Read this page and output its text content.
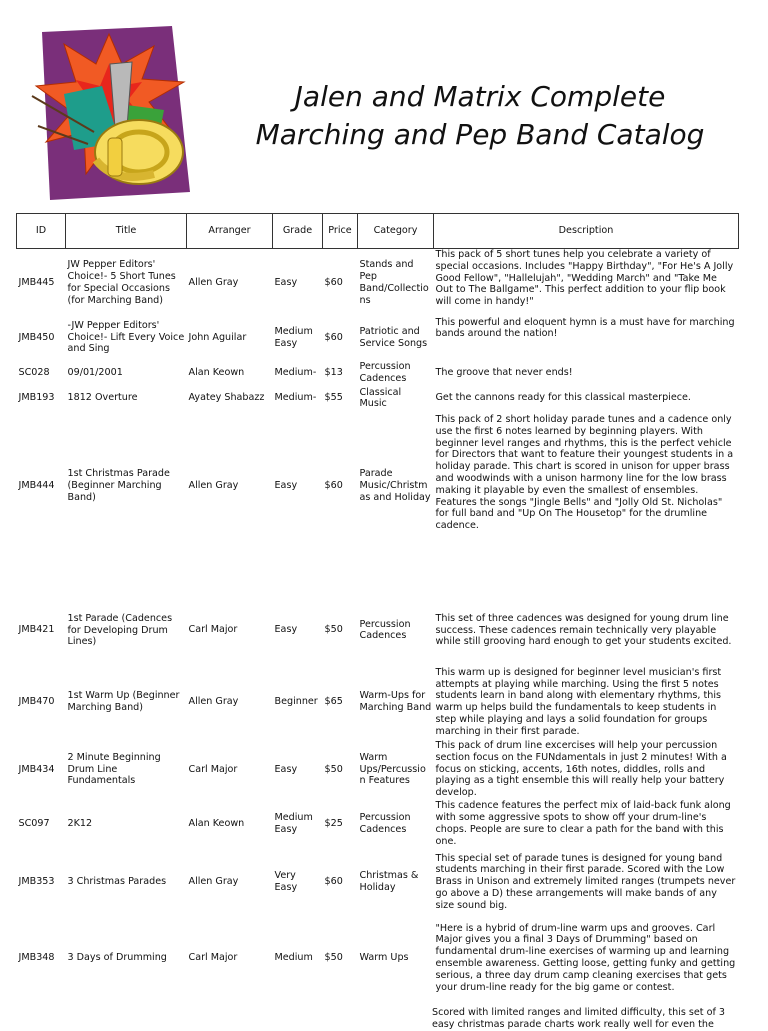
Jalen and Matrix Complete
Marching and Pep Band Catalog
ID	Title	Arranger	Grade	Price	Category	Description
JMB445	JW Pepper Editors' Choice!- 5 Short Tunes for Special Occasions (for Marching Band)	Allen Gray	Easy	$60	Stands and Pep Band/Collections	This pack of 5 short tunes help you celebrate a variety of special occasions. Includes "Happy Birthday", "For He's A Jolly Good Fellow", "Hallelujah", "Wedding March" and "Take Me Out to The Ballgame". This perfect addition to your flip book will come in handy!"
JMB450	-JW Pepper Editors' Choice!- Lift Every Voice and Sing	John Aguilar	Medium Easy	$60	Patriotic and Service Songs	This powerful and eloquent hymn is a must have for marching bands around the nation!
SC028	09/01/2001	Alan Keown	Medium-	$13	Percussion Cadences	The groove that never ends!
JMB193	1812 Overture	Ayatey Shabazz	Medium-	$55	Classical Music	Get the cannons ready for this classical masterpiece.
JMB444	1st Christmas Parade (Beginner Marching Band)	Allen Gray	Easy	$60	Parade Music/Christmas and Holiday	This pack of 2 short holiday parade tunes and a cadence only use the first 6 notes learned by beginning players. With beginner level ranges and rhythms, this is the perfect vehicle for Directors that want to feature their youngest students in a holiday parade. This chart is scored in unison for upper brass and woodwinds with a unison harmony line for the low brass making it playable by even the smallest of ensembles. Features the songs "Jingle Bells" and "Jolly Old St. Nicholas" for full band and "Up On The Housetop" for the drumline cadence.
JMB421	1st Parade (Cadences for Developing Drum Lines)	Carl Major	Easy	$50	Percussion Cadences	This set of three cadences was designed for young drum line success. These cadences remain technically very playable while still grooving hard enough to get your students excited.
JMB470	1st Warm Up (Beginner Marching Band)	Allen Gray	Beginner	$65	Warm-Ups for Marching Band	This warm up is designed for beginner level musician's first attempts at playing while marching. Using the first 5 notes students learn in band along with elementary rhythms, this warm up helps build the fundamentals to keep students in step while playing and lays a solid foundation for groups marching in their first parade.
JMB434	2 Minute Beginning Drum Line Fundamentals	Carl Major	Easy	$50	Warm Ups/Percussion Features	This pack of drum line excercises will help your percussion section focus on the FUNdamentals in just 2 minutes! With a focus on sticking, accents, 16th notes, diddles, rolls and playing as a tight ensemble this will really help your battery develop.
SC097	2K12	Alan Keown	Medium Easy	$25	Percussion Cadences	This cadence features the perfect mix of laid-back funk along with some aggressive spots to show off your drum-line's chops. People are sure to clear a path for the band with this one.
JMB353	3 Christmas Parades	Allen Gray	Very Easy	$60	Christmas & Holiday	This special set of parade tunes is designed for young band students marching in their first parade. Scored with the Low Brass in Unison and extremely limited ranges (trumpets never go above a D) these arrangements will make bands of any size sound big.
JMB348	3 Days of Drumming	Carl Major	Medium	$50	Warm Ups	"Here is a hybrid of drum-line warm ups and grooves. Carl Major gives you a final 3 Days of Drumming" based on fundamental drum-line exercises of warming up and learning ensemble awareness. Getting loose, getting funky and getting serious, a three day drum camp cleaning exercises that gets your drum-line ready for the big game or contest.
Scored with limited ranges and limited difficulty, this set of 3 easy christmas parade charts work really well for even the
